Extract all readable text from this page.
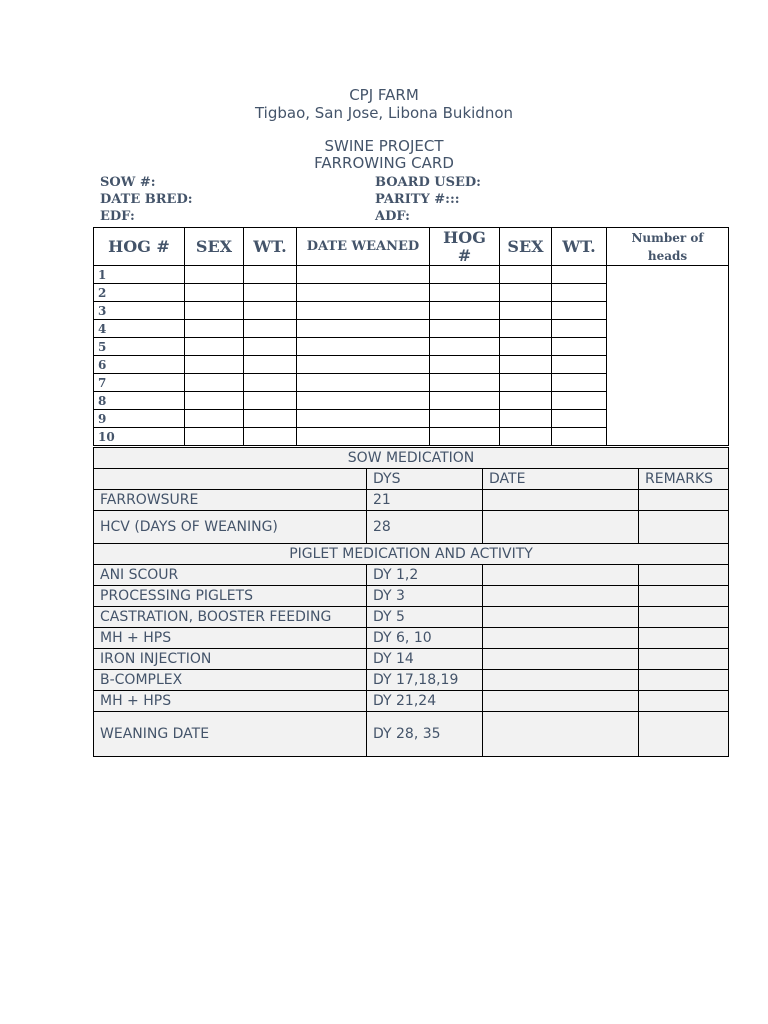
CPJ FARM
Tigbao, San Jose, Libona Bukidnon
SWINE PROJECT
FARROWING CARD
SOW #:
DATE BRED:
EDF:
BOARD USED:
PARITY #:::
ADF:
HOG #	SEX	WT.	DATE WEANED	HOG #	SEX	WT.	Number of heads
1							
2							
3							
4							
5							
6							
7							
8							
9							
10							
SOW MEDICATION			
	DYS	DATE	REMARKS
FARROWSURE	21		
HCV (DAYS OF WEANING)	28		
PIGLET MEDICATION AND ACTIVITY			
ANI SCOUR	DY 1,2		
PROCESSING PIGLETS	DY 3		
CASTRATION, BOOSTER FEEDING	DY 5		
MH + HPS	DY 6, 10		
IRON INJECTION	DY 14		
B-COMPLEX	DY 17,18,19		
MH + HPS	DY 21,24		
WEANING DATE	DY 28, 35		
